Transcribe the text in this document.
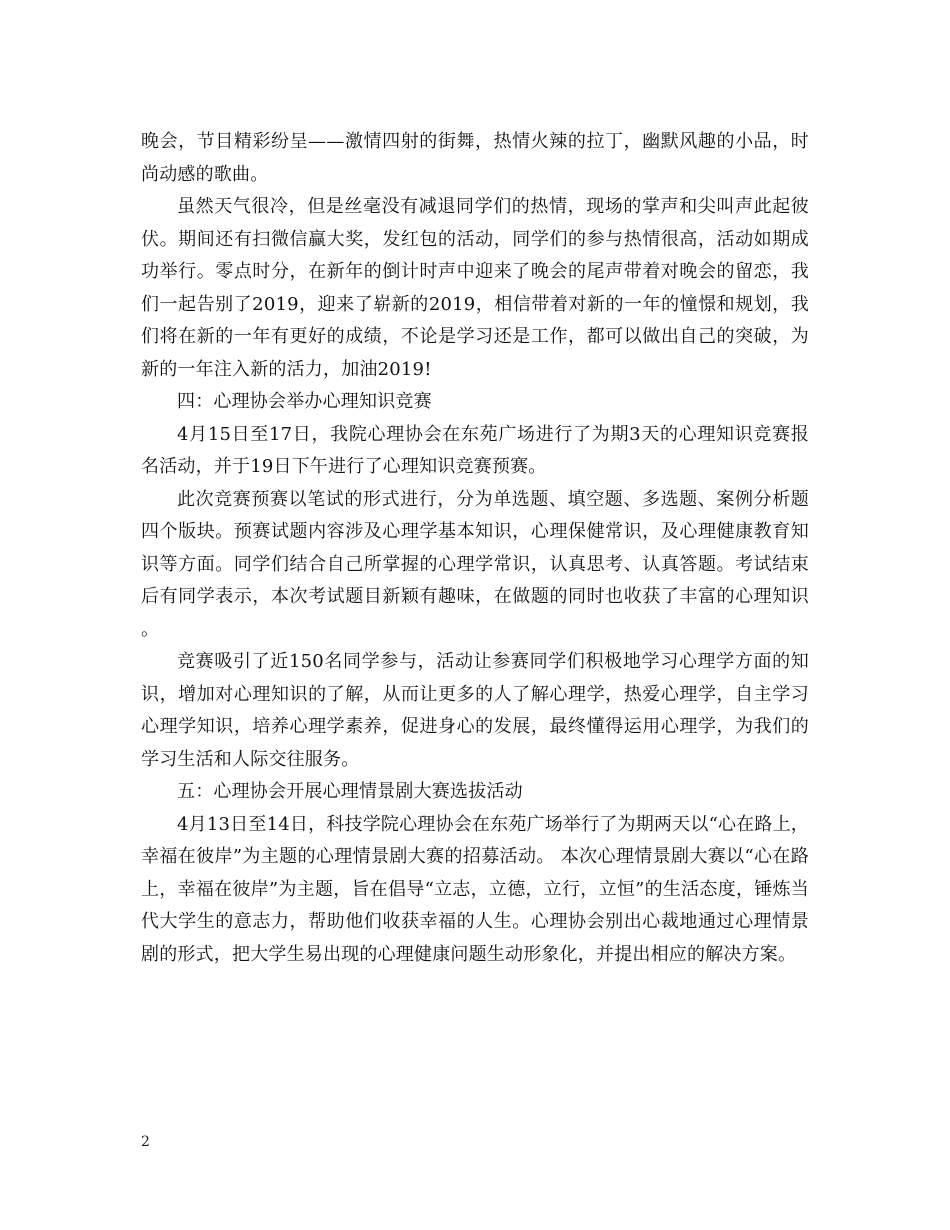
晚会，节目精彩纷呈——激情四射的街舞，热情火辣的拉丁，幽默风趣的小品，时尚动感的歌曲。

虽然天气很冷，但是丝毫没有减退同学们的热情，现场的掌声和尖叫声此起彼伏。期间还有扫微信赢大奖，发红包的活动，同学们的参与热情很高，活动如期成功举行。零点时分，在新年的倒计时声中迎来了晚会的尾声带着对晚会的留恋，我们一起告别了2019，迎来了崭新的2019，相信带着对新的一年的憧憬和规划，我们将在新的一年有更好的成绩，不论是学习还是工作，都可以做出自己的突破，为新的一年注入新的活力，加油2019!

四：心理协会举办心理知识竞赛

4月15日至17日，我院心理协会在东苑广场进行了为期3天的心理知识竞赛报名活动，并于19日下午进行了心理知识竞赛预赛。

此次竞赛预赛以笔试的形式进行，分为单选题、填空题、多选题、案例分析题四个版块。预赛试题内容涉及心理学基本知识，心理保健常识，及心理健康教育知识等方面。同学们结合自己所掌握的心理学常识，认真思考、认真答题。考试结束后有同学表示，本次考试题目新颖有趣味，在做题的同时也收获了丰富的心理知识。

竞赛吸引了近150名同学参与，活动让参赛同学们积极地学习心理学方面的知识，增加对心理知识的了解，从而让更多的人了解心理学，热爱心理学，自主学习心理学知识，培养心理学素养，促进身心的发展，最终懂得运用心理学，为我们的学习生活和人际交往服务。

五：心理协会开展心理情景剧大赛选拔活动

4月13日至14日，科技学院心理协会在东苑广场举行了为期两天以“心在路上，幸福在彼岸”为主题的心理情景剧大赛的招募活动。 本次心理情景剧大赛以“心在路上，幸福在彼岸”为主题，旨在倡导“立志，立德，立行，立恒”的生活态度，锤炼当代大学生的意志力，帮助他们收获幸福的人生。心理协会别出心裁地通过心理情景剧的形式，把大学生易出现的心理健康问题生动形象化，并提出相应的解决方案。

2
